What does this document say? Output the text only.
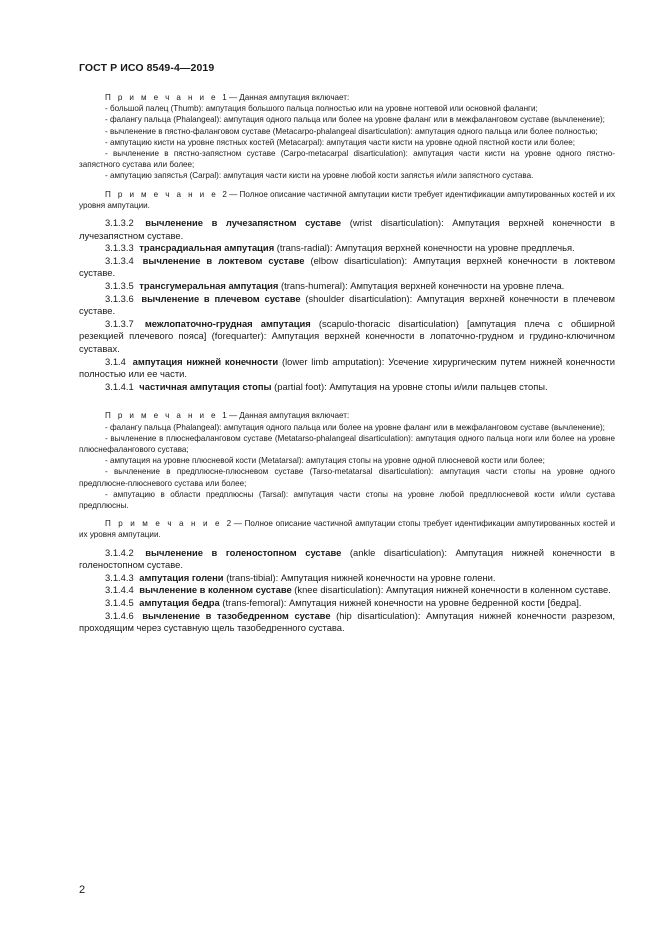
ГОСТ Р ИСО 8549-4—2019

П р и м е ч а н и е 1 — Данная ампутация включает:

- большой палец (Thumb): ампутация большого пальца полностью или на уровне ногтевой или основной фаланги;

- фалангу пальца (Phalangeal): ампутация одного пальца или более на уровне фаланг или в межфаланговом суставе (вычленение);

- вычленение в пястно-фаланговом суставе (Metacarpo-phalangeal disarticulation): ампутация одного пальца или более полностью;

- ампутацию кисти на уровне пястных костей (Metacarpal): ампутация части кисти на уровне одной пястной кости или более;

- вычленение в пястно-запястном суставе (Carpo-metacarpal disarticulation): ампутация части кисти на уровне одного пястно-запястного сустава или более;

- ампутацию запястья (Carpal): ампутация части кисти на уровне любой кости запястья и/или запястного сустава.

П р и м е ч а н и е 2 — Полное описание частичной ампутации кисти требует идентификации ампутированных костей и их уровня ампутации.

3.1.3.2 вычленение в лучезапястном суставе (wrist disarticulation): Ампутация верхней конечности в лучезапястном суставе.

3.1.3.3 трансрадиальная ампутация (trans-radial): Ампутация верхней конечности на уровне предплечья.

3.1.3.4 вычленение в локтевом суставе (elbow disarticulation): Ампутация верхней конечности в локтевом суставе.

3.1.3.5 трансгумеральная ампутация (trans-humeral): Ампутация верхней конечности на уровне плеча.

3.1.3.6 вычленение в плечевом суставе (shoulder disarticulation): Ампутация верхней конечности в плечевом суставе.

3.1.3.7 межлопаточно-грудная ампутация (scapulo-thoracic disarticulation) [ампутация плеча с обширной резекцией плечевого пояса] (forequarter): Ампутация верхней конечности в лопаточно-грудном и грудино-ключичном суставах.

3.1.4 ампутация нижней конечности (lower limb amputation): Усечение хирургическим путем нижней конечности полностью или ее части.

3.1.4.1 частичная ампутация стопы (partial foot): Ампутация на уровне стопы и/или пальцев стопы.

П р и м е ч а н и е 1 — Данная ампутация включает:

- фалангу пальца (Phalangeal): ампутация одного пальца или более на уровне фаланг или в межфаланговом суставе (вычленение);

- вычленение в плюснефаланговом суставе (Metatarso-phalangeal disarticulation): ампутация одного пальца ноги или более на уровне плюснефалангового сустава;

- ампутация на уровне плюсневой кости (Metatarsal): ампутация стопы на уровне одной плюсневой кости или более;

- вычленение в предплюсне-плюсневом суставе (Tarso-metatarsal disarticulation): ампутация части стопы на уровне одного предплюсне-плюсневого сустава или более;

- ампутацию в области предплюсны (Tarsal): ампутация части стопы на уровне любой предплюсневой кости и/или сустава предплюсны.

П р и м е ч а н и е 2 — Полное описание частичной ампутации стопы требует идентификации ампутированных костей и их уровня ампутации.

3.1.4.2 вычленение в голеностопном суставе (ankle disarticulation): Ампутация нижней конечности в голеностопном суставе.

3.1.4.3 ампутация голени (trans-tibial): Ампутация нижней конечности на уровне голени.

3.1.4.4 вычленение в коленном суставе (knee disarticulation): Ампутация нижней конечности в коленном суставе.

3.1.4.5 ампутация бедра (trans-femoral): Ампутация нижней конечности на уровне бедренной кости [бедра].

3.1.4.6 вычленение в тазобедренном суставе (hip disarticulation): Ампутация нижней конечности разрезом, проходящим через суставную щель тазобедренного сустава.

2
